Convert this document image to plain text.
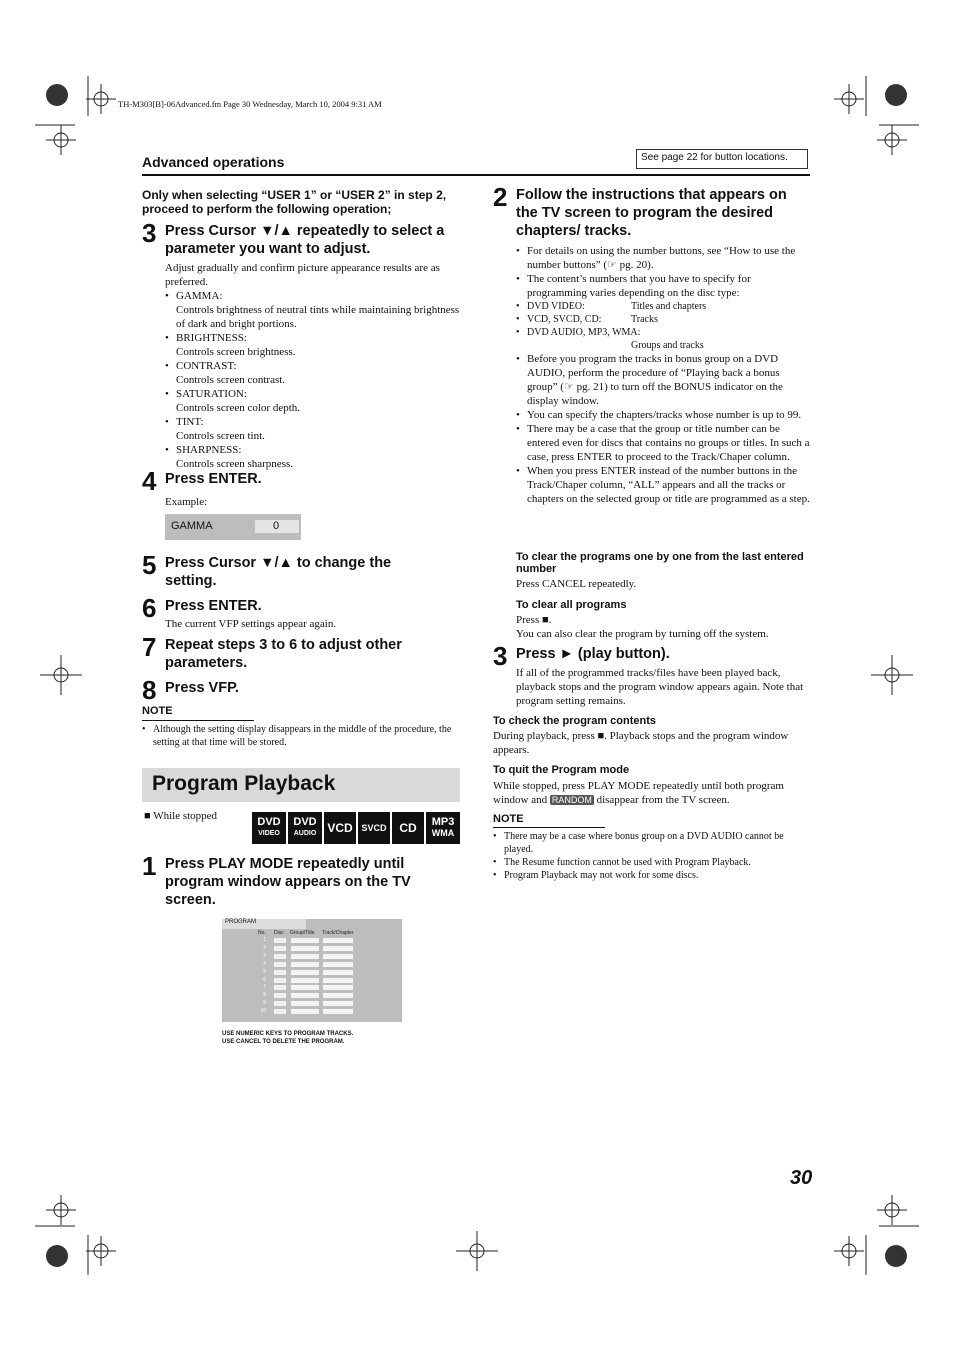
TH-M303[B]-06Advanced.fm Page 30 Wednesday, March 10, 2004 9:31 AM
Advanced operations	See page 22 for button locations.
Only when selecting “USER 1” or “USER 2” in step 2, proceed to perform the following operation;
3 Press Cursor ▼/▲ repeatedly to select a parameter you want to adjust.
Adjust gradually and confirm picture appearance results are as preferred.
• GAMMA:
Controls brightness of neutral tints while maintaining brightness of dark and bright portions.
• BRIGHTNESS:
Controls screen brightness.
• CONTRAST:
Controls screen contrast.
• SATURATION:
Controls screen color depth.
• TINT:
Controls screen tint.
• SHARPNESS:
Controls screen sharpness.
4 Press ENTER.
Example:
GAMMA	0
5 Press Cursor ▼/▲ to change the setting.
6 Press ENTER.
The current VFP settings appear again.
7 Repeat steps 3 to 6 to adjust other parameters.
8 Press VFP.
NOTE
• Although the setting display disappears in the middle of the procedure, the setting at that time will be stored.
Program Playback
■ While stopped	DVD
VIDEO
DVD
AUDIO VCD SVCD	CD	MP3
WMA
1 Press PLAY MODE repeatedly until program window appears on the TV screen.
PROGRAM
No. Disc Group/Title Track/Chapter
1
2
3
4
5
6
7
8
9
10
USE NUMERIC KEYS TO PROGRAM TRACKS.
USE CANCEL TO DELETE THE PROGRAM.
2 Follow the instructions that appears on the TV screen to program the desired chapters/ tracks.
• For details on using the number buttons, see “How to use the number buttons” (☞ pg. 20).
• The content’s numbers that you have to specify for programming varies depending on the disc type:
• DVD VIDEO:	Titles and chapters
• VCD, SVCD, CD:	Tracks
• DVD AUDIO, MP3, WMA:
Groups and tracks
• Before you program the tracks in bonus group on a DVD AUDIO, perform the procedure of “Playing back a bonus group” (☞ pg. 21) to turn off the BONUS indicator on the display window.
• You can specify the chapters/tracks whose number is up to 99.
• There may be a case that the group or title number can be entered even for discs that contains no groups or titles. In such a case, press ENTER to proceed to the Track/Chaper column.
• When you press ENTER instead of the number buttons in the Track/Chaper column, “ALL” appears and all the tracks or chapters on the selected group or title are programmed as a step.
To clear the programs one by one from the last entered number
Press CANCEL repeatedly.
To clear all programs
Press ■.
You can also clear the program by turning off the system.
3 Press ► (play button).
If all of the programmed tracks/files have been played back, playback stops and the program window appears again. Note that program setting remains.
To check the program contents
During playback, press ■. Playback stops and the program window appears.
To quit the Program mode
While stopped, press PLAY MODE repeatedly until both program window and RANDOM disappear from the TV screen.
NOTE
• There may be a case where bonus group on a DVD AUDIO cannot be played.
• The Resume function cannot be used with Program Playback.
• Program Playback may not work for some discs.
30
